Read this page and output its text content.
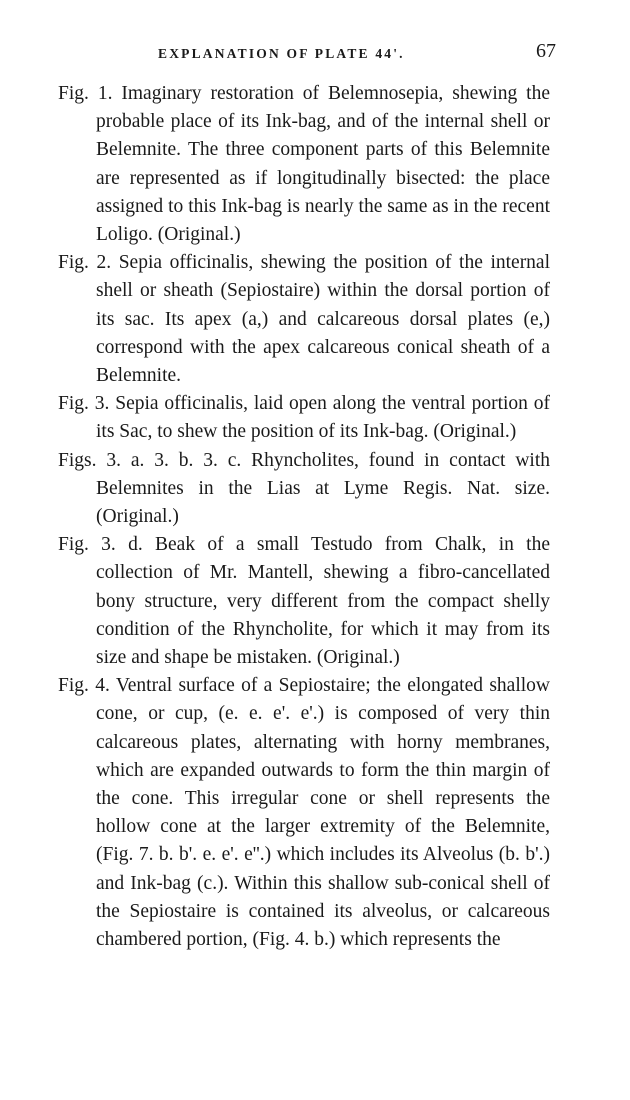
EXPLANATION OF PLATE 44'.	67

Fig. 1. Imaginary restoration of Belemnosepia, shewing the probable place of its Ink-bag, and of the internal shell or Belemnite. The three component parts of this Belemnite are represented as if longitudinally bisected: the place assigned to this Ink-bag is nearly the same as in the recent Loligo. (Original.)

Fig. 2. Sepia officinalis, shewing the position of the internal shell or sheath (Sepiostaire) within the dorsal portion of its sac. Its apex (a,) and calcareous dorsal plates (e,) correspond with the apex calcareous conical sheath of a Belemnite.

Fig. 3. Sepia officinalis, laid open along the ventral portion of its Sac, to shew the position of its Ink-bag. (Original.)

Figs. 3. a. 3. b. 3. c. Rhyncholites, found in contact with Belemnites in the Lias at Lyme Regis. Nat. size. (Original.)

Fig. 3. d. Beak of a small Testudo from Chalk, in the collection of Mr. Mantell, shewing a fibro-cancellated bony structure, very different from the compact shelly condition of the Rhyncholite, for which it may from its size and shape be mistaken. (Original.)

Fig. 4. Ventral surface of a Sepiostaire; the elongated shallow cone, or cup, (e. e. e'. e'.) is composed of very thin calcareous plates, alternating with horny membranes, which are expanded outwards to form the thin margin of the cone. This irregular cone or shell represents the hollow cone at the larger extremity of the Belemnite, (Fig. 7. b. b'. e. e'. e''.) which includes its Alveolus (b. b'.) and Ink-bag (c.). Within this shallow sub-conical shell of the Sepiostaire is contained its alveolus, or calcareous chambered portion, (Fig. 4. b.) which represents the
